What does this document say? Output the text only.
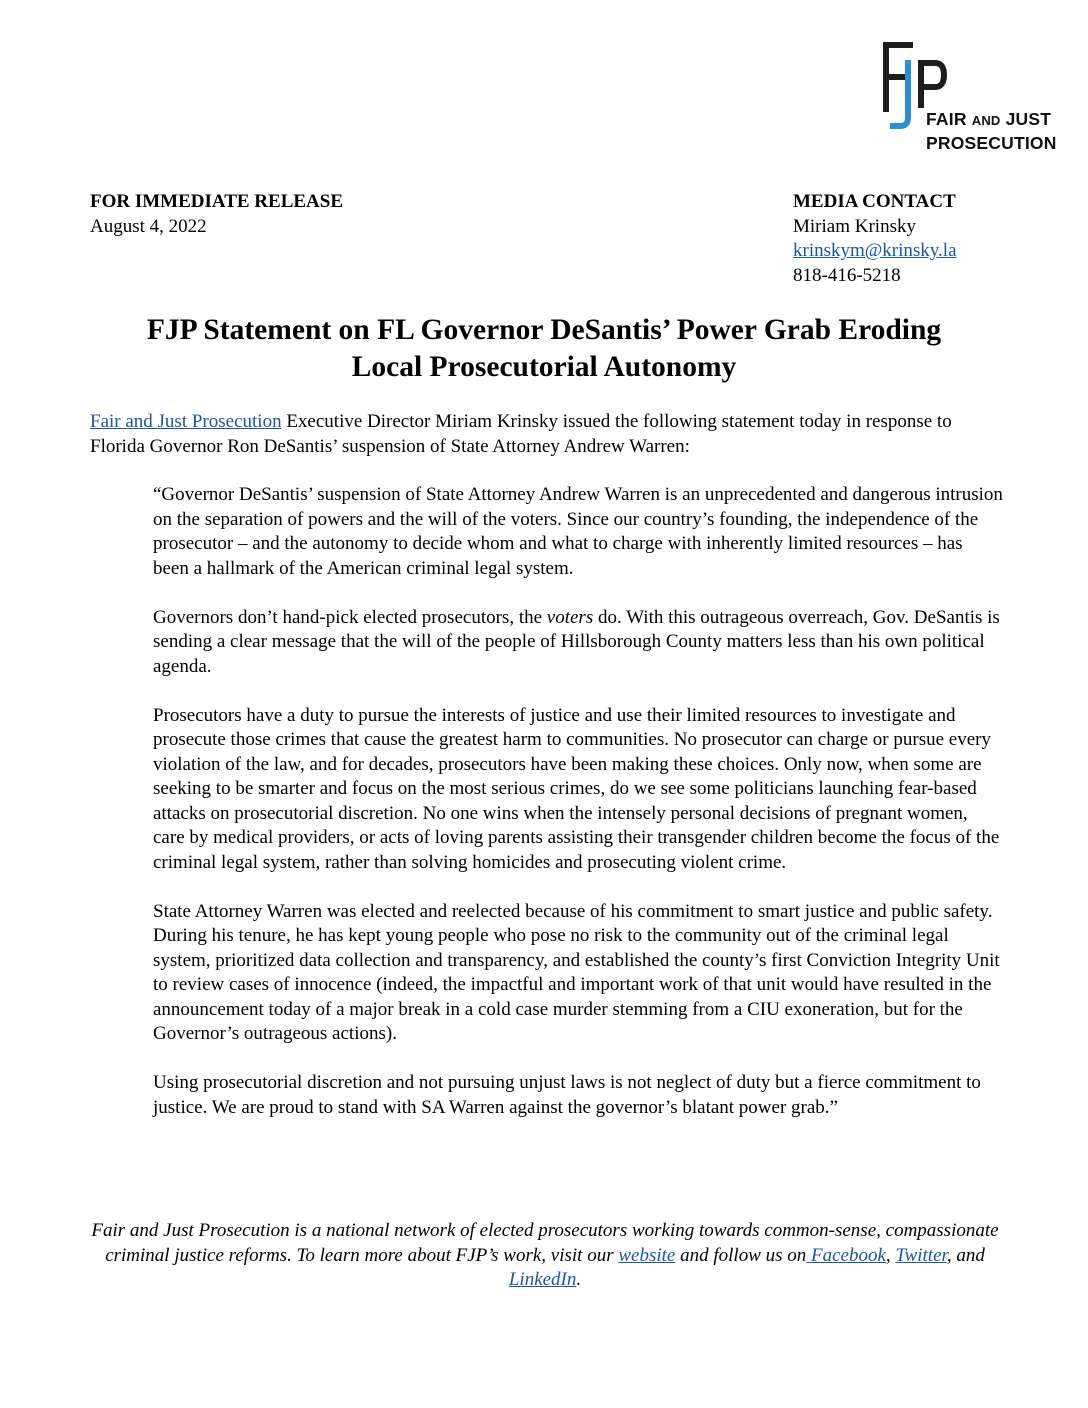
FAIR AND JUST
PROSECUTION
FOR IMMEDIATE RELEASE
August 4, 2022
MEDIA CONTACT
Miriam Krinsky
krinskym@krinsky.la
818-416-5218
FJP Statement on FL Governor DeSantis’ Power Grab Eroding
Local Prosecutorial Autonomy

Fair and Just Prosecution Executive Director Miriam Krinsky issued the following statement today in response to Florida Governor Ron DeSantis’ suspension of State Attorney Andrew Warren:

“Governor DeSantis’ suspension of State Attorney Andrew Warren is an unprecedented and dangerous intrusion on the separation of powers and the will of the voters. Since our country’s founding, the independence of the prosecutor – and the autonomy to decide whom and what to charge with inherently limited resources – has been a hallmark of the American criminal legal system.

Governors don’t hand-pick elected prosecutors, the voters do. With this outrageous overreach, Gov. DeSantis is sending a clear message that the will of the people of Hillsborough County matters less than his own political agenda.

Prosecutors have a duty to pursue the interests of justice and use their limited resources to investigate and prosecute those crimes that cause the greatest harm to communities. No prosecutor can charge or pursue every violation of the law, and for decades, prosecutors have been making these choices. Only now, when some are seeking to be smarter and focus on the most serious crimes, do we see some politicians launching fear-based attacks on prosecutorial discretion. No one wins when the intensely personal decisions of pregnant women, care by medical providers, or acts of loving parents assisting their transgender children become the focus of the criminal legal system, rather than solving homicides and prosecuting violent crime.

State Attorney Warren was elected and reelected because of his commitment to smart justice and public safety. During his tenure, he has kept young people who pose no risk to the community out of the criminal legal system, prioritized data collection and transparency, and established the county’s first Conviction Integrity Unit to review cases of innocence (indeed, the impactful and important work of that unit would have resulted in the announcement today of a major break in a cold case murder stemming from a CIU exoneration, but for the Governor’s outrageous actions).

Using prosecutorial discretion and not pursuing unjust laws is not neglect of duty but a fierce commitment to justice. We are proud to stand with SA Warren against the governor’s blatant power grab.”

Fair and Just Prosecution is a national network of elected prosecutors working towards common-sense, compassionate criminal justice reforms. To learn more about FJP’s work, visit our website and follow us on Facebook, Twitter, and LinkedIn.
